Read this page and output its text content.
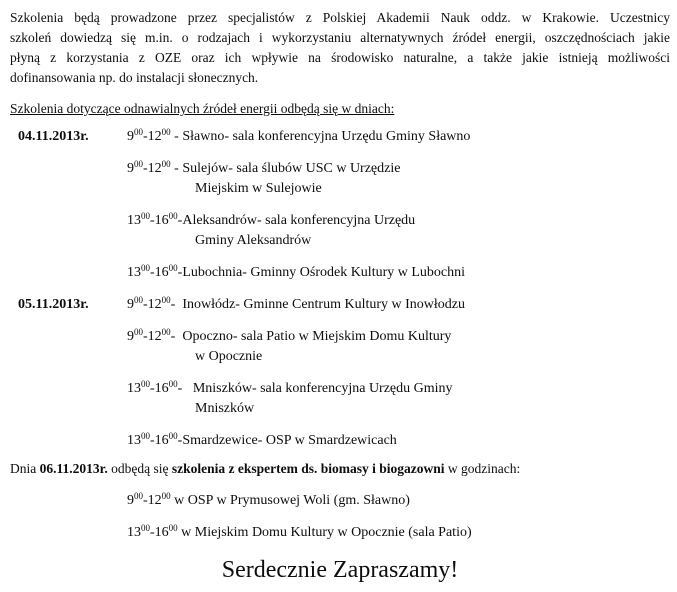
Szkolenia będą prowadzone przez specjalistów z Polskiej Akademii Nauk oddz. w Krakowie. Uczestnicy
szkoleń dowiedzą się m.in. o rodzajach i wykorzystaniu alternatywnych źródeł energii, oszczędnościach jakie
płyną z korzystania z OZE oraz ich wpływie na środowisko naturalne, a także jakie istnieją możliwości
dofinansowania np. do instalacji słonecznych.
Szkolenia dotyczące odnawialnych źródeł energii odbędą się w dniach:
04.11.2013r.	$9^{00}-12^{00}$ - Sławno- sala konferencyjna Urzędu Gminy Sławno
$9^{00}-12^{00}$ - Sulejów- sala ślubów USC w Urzędzie
Miejskim w Sulejowie
$13^{00}-16^{00}-Aleksandrów-$ sala konferencyjna Urzędu
Gminy Aleksandrów
$13^{00}-16^{00}-Lubochnia-$ Gminny Ośrodek Kultury w Lubochni
05.11.2013r.	$9^{00}-12^{00}-$  Inowłódz- Gminne Centrum Kultury w Inowłodzu
$9^{00}-12^{00}-$  Opoczno- sala Patio w Miejskim Domu Kultury
w Opocznie
$13^{00}-16^{00}-$   Mniszków- sala konferencyjna Urzędu Gminy
Mniszków
$13^{00}-16^{00}-Smardzewice-$ OSP w Smardzewicach
Dnia 06.11.2013r. odbędą się szkolenia z ekspertem ds. biomasy i biogazowni w godzinach:
$9^{00}-12^{00}$ w OSP w Prymusowej Woli (gm. Sławno)
$13^{00}-16^{00}$ w Miejskim Domu Kultury w Opocznie (sala Patio)
Serdecznie Zapraszamy!
